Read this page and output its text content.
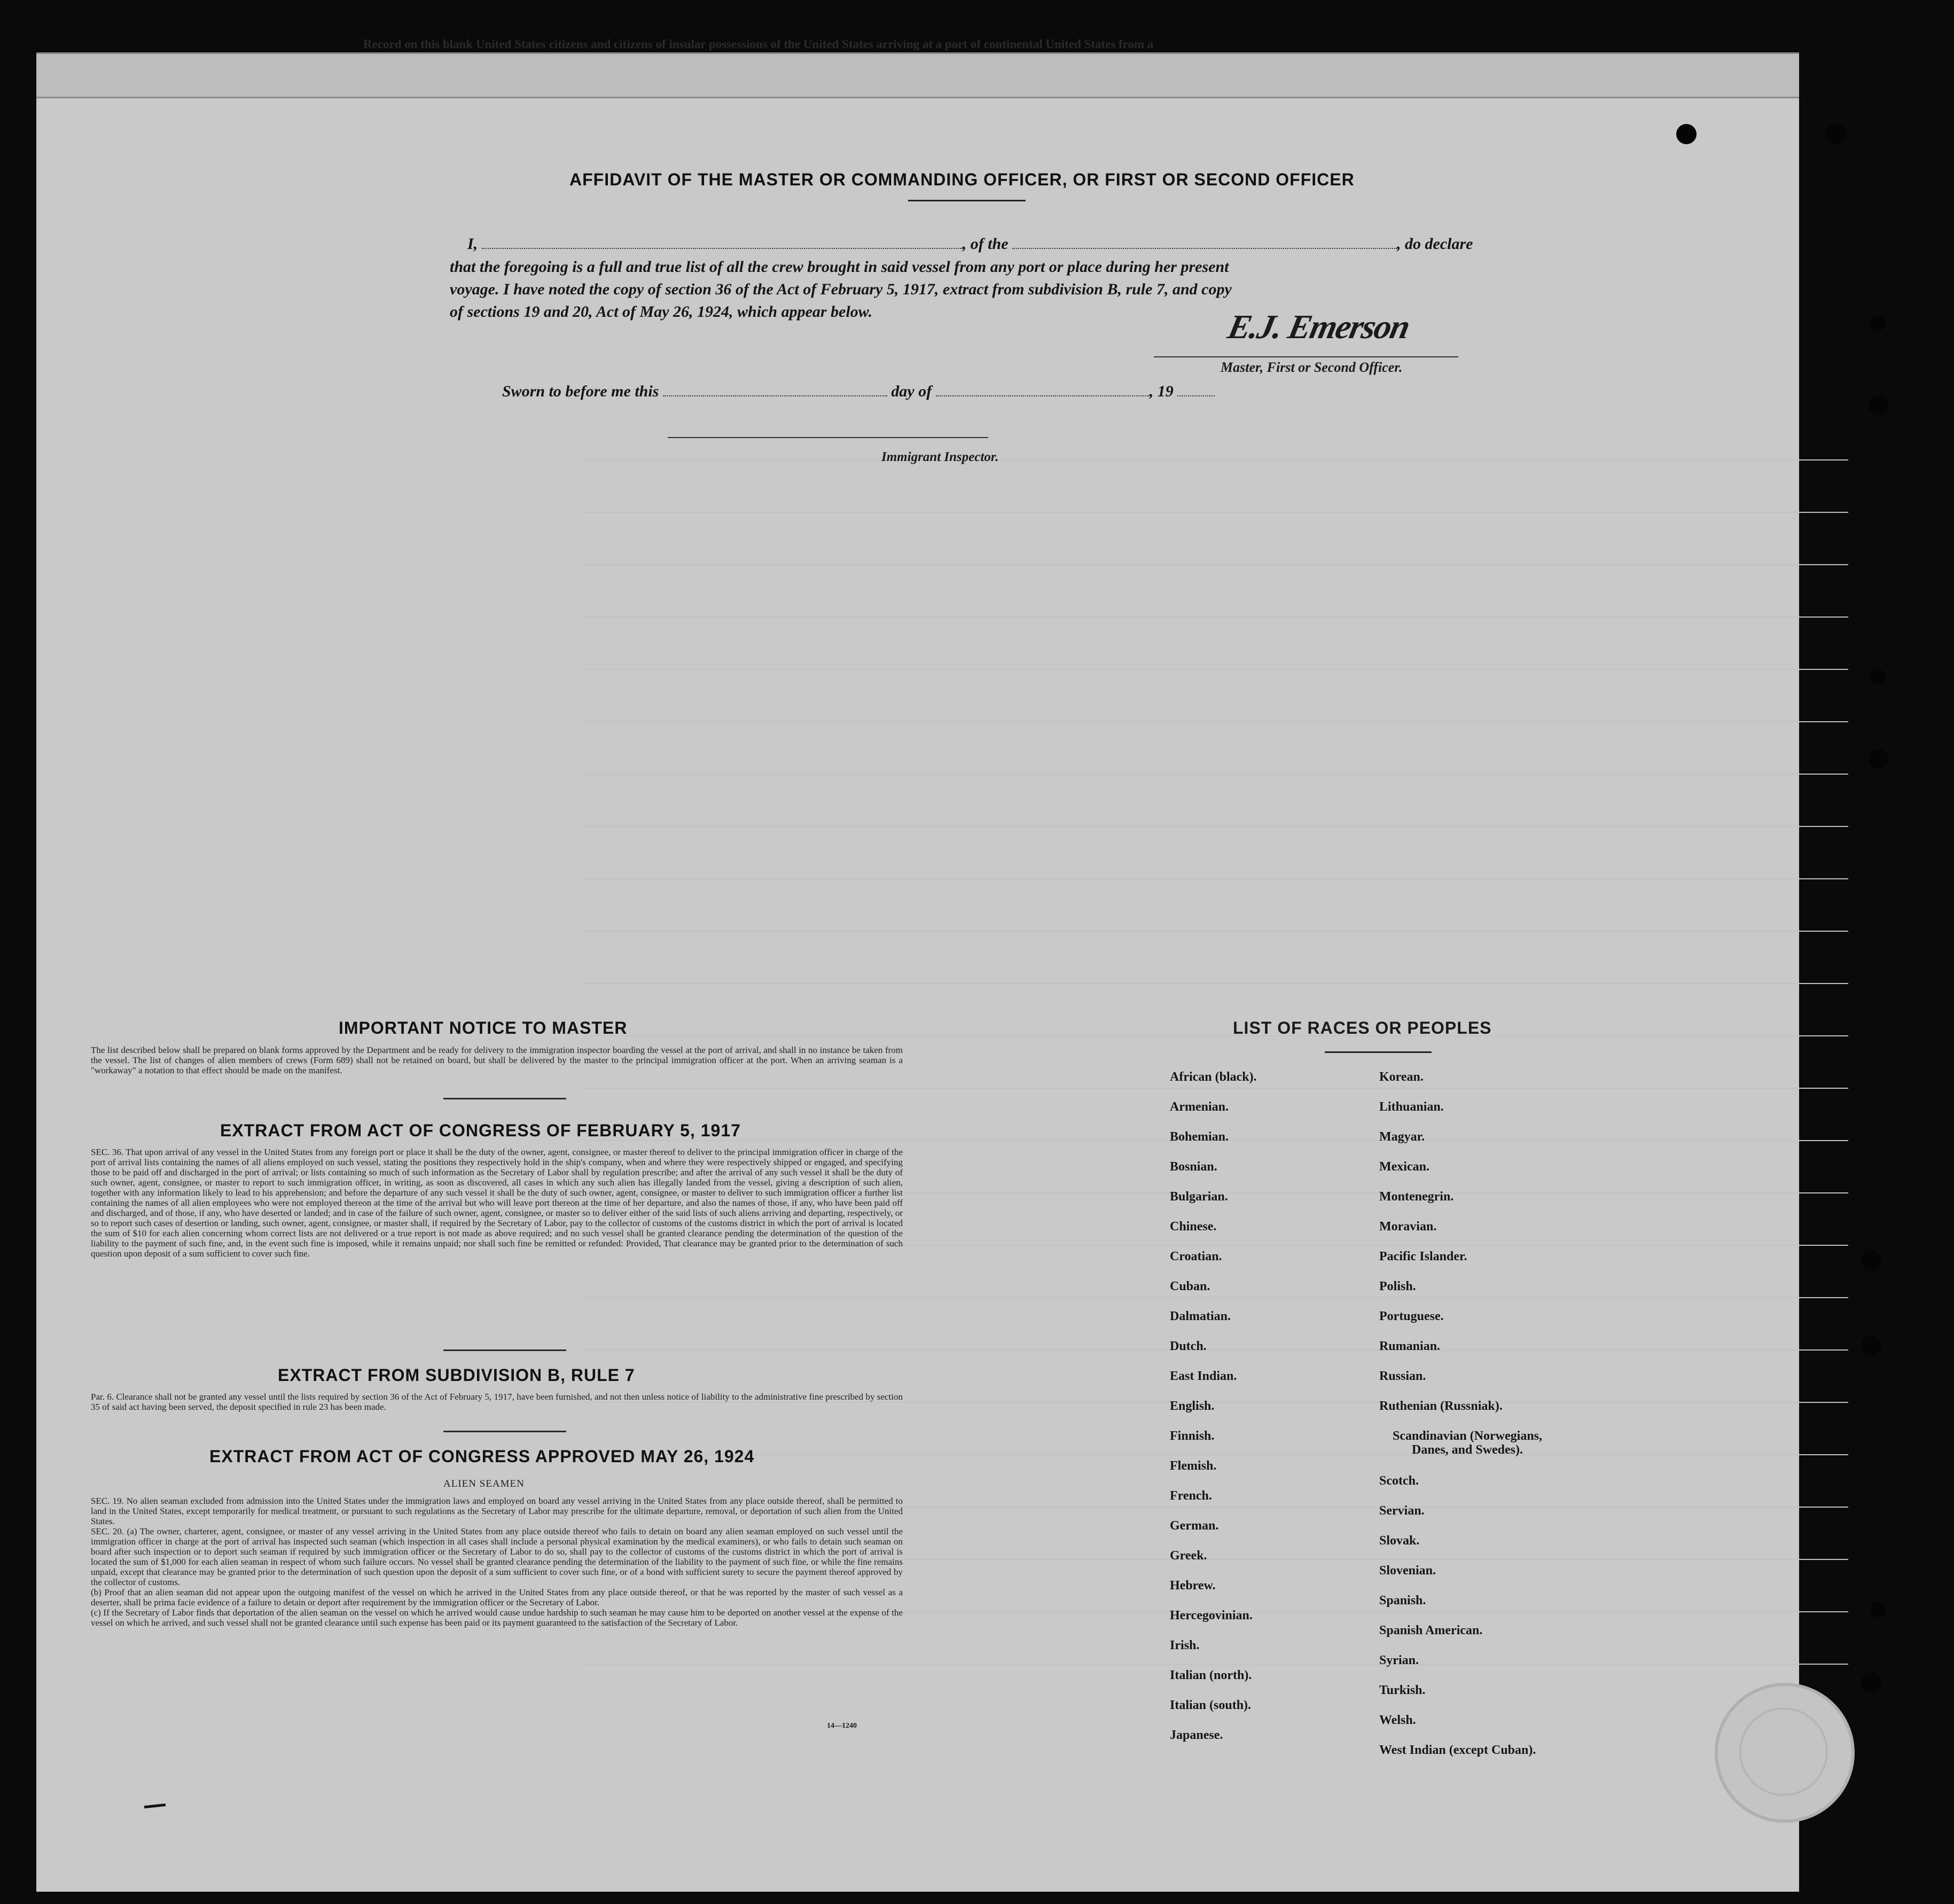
Record on this blank United States citizens and citizens of insular possessions of the United States arriving at a port of continental United States from a
AFFIDAVIT OF THE MASTER OR COMMANDING OFFICER, OR FIRST OR SECOND OFFICER
I,	, of the	, do declare
that the foregoing is a full and true list of all the crew brought in said vessel from any port or place during her present
voyage. I have noted the copy of section 36 of the Act of February 5, 1917, extract from subdivision B, rule 7, and copy
of sections 19 and 20, Act of May 26, 1924, which appear below.	E.J. Emerson
Master, First or Second Officer.
Sworn to before me this	day of	, 19
Immigrant Inspector.
IMPORTANT NOTICE TO MASTER
The list described below shall be prepared on blank forms approved by the Department and be ready for delivery to the immigration inspector boarding the vessel at the port of arrival, and shall in no instance be taken from the vessel. The list of changes of alien members of crews (Form 689) shall not be retained on board, but shall be delivered by the master to the principal immigration officer at the port. When an arriving seaman is a "workaway" a notation to that effect should be made on the manifest.
EXTRACT FROM ACT OF CONGRESS OF FEBRUARY 5, 1917
SEC. 36. That upon arrival of any vessel in the United States from any foreign port or place it shall be the duty of the owner, agent, consignee, or master thereof to deliver to the principal immigration officer in charge of the port of arrival lists containing the names of all aliens employed on such vessel, stating the positions they respectively hold in the ship's company, when and where they were respectively shipped or engaged, and specifying those to be paid off and discharged in the port of arrival; or lists containing so much of such information as the Secretary of Labor shall by regulation prescribe; and after the arrival of any such vessel it shall be the duty of such owner, agent, consignee, or master to report to such immigration officer, in writing, as soon as discovered, all cases in which any such alien has illegally landed from the vessel, giving a description of such alien, together with any information likely to lead to his apprehension; and before the departure of any such vessel it shall be the duty of such owner, agent, consignee, or master to deliver to such immigration officer a further list containing the names of all alien employees who were not employed thereon at the time of the arrival but who will leave port thereon at the time of her departure, and also the names of those, if any, who have been paid off and discharged, and of those, if any, who have deserted or landed; and in case of the failure of such owner, agent, consignee, or master so to deliver either of the said lists of such aliens arriving and departing, respectively, or so to report such cases of desertion or landing, such owner, agent, consignee, or master shall, if required by the Secretary of Labor, pay to the collector of customs of the customs district in which the port of arrival is located the sum of $10 for each alien concerning whom correct lists are not delivered or a true report is not made as above required; and no such vessel shall be granted clearance pending the determination of the question of the liability to the payment of such fine, and, in the event such fine is imposed, while it remains unpaid; nor shall such fine be remitted or refunded: Provided, That clearance may be granted prior to the determination of such question upon deposit of a sum sufficient to cover such fine.
EXTRACT FROM SUBDIVISION B, RULE 7
Par. 6. Clearance shall not be granted any vessel until the lists required by section 36 of the Act of February 5, 1917, have been furnished, and not then unless notice of liability to the administrative fine prescribed by section 35 of said act having been served, the deposit specified in rule 23 has been made.
EXTRACT FROM ACT OF CONGRESS APPROVED MAY 26, 1924
ALIEN SEAMEN

SEC. 19. No alien seaman excluded from admission into the United States under the immigration laws and employed on board any vessel arriving in the United States from any place outside thereof, shall be permitted to land in the United States, except temporarily for medical treatment, or pursuant to such regulations as the Secretary of Labor may prescribe for the ultimate departure, removal, or deportation of such alien from the United States.

SEC. 20. (a) The owner, charterer, agent, consignee, or master of any vessel arriving in the United States from any place outside thereof who fails to detain on board any alien seaman employed on such vessel until the immigration officer in charge at the port of arrival has inspected such seaman (which inspection in all cases shall include a personal physical examination by the medical examiners), or who fails to detain such seaman on board after such inspection or to deport such seaman if required by such immigration officer or the Secretary of Labor to do so, shall pay to the collector of customs of the customs district in which the port of arrival is located the sum of $1,000 for each alien seaman in respect of whom such failure occurs. No vessel shall be granted clearance pending the determination of the liability to the payment of such fine, or while the fine remains unpaid, except that clearance may be granted prior to the determination of such question upon the deposit of a sum sufficient to cover such fine, or of a bond with sufficient surety to secure the payment thereof approved by the collector of customs.

(b) Proof that an alien seaman did not appear upon the outgoing manifest of the vessel on which he arrived in the United States from any place outside thereof, or that he was reported by the master of such vessel as a deserter, shall be prima facie evidence of a failure to detain or deport after requirement by the immigration officer or the Secretary of Labor.

(c) If the Secretary of Labor finds that deportation of the alien seaman on the vessel on which he arrived would cause undue hardship to such seaman he may cause him to be deported on another vessel at the expense of the vessel on which he arrived, and such vessel shall not be granted clearance until such expense has been paid or its payment guaranteed to the satisfaction of the Secretary of Labor.

14—1240
LIST OF RACES OR PEOPLES
African (black).
Armenian.
Bohemian.
Bosnian.
Bulgarian.
Chinese.
Croatian.
Cuban.
Dalmatian.
Dutch.
East Indian.
English.
Finnish.
Flemish.
French.
German.
Greek.
Hebrew.
Hercegovinian.
Irish.
Italian (north).
Italian (south).
Japanese.
Korean.
Lithuanian.
Magyar.
Mexican.
Montenegrin.
Moravian.
Pacific Islander.
Polish.
Portuguese.
Rumanian.
Russian.
Ruthenian (Russniak).
Scandinavian (Norwegians, Danes, and Swedes).
Scotch.
Servian.
Slovak.
Slovenian.
Spanish.
Spanish American.
Syrian.
Turkish.
Welsh.
West Indian (except Cuban).
